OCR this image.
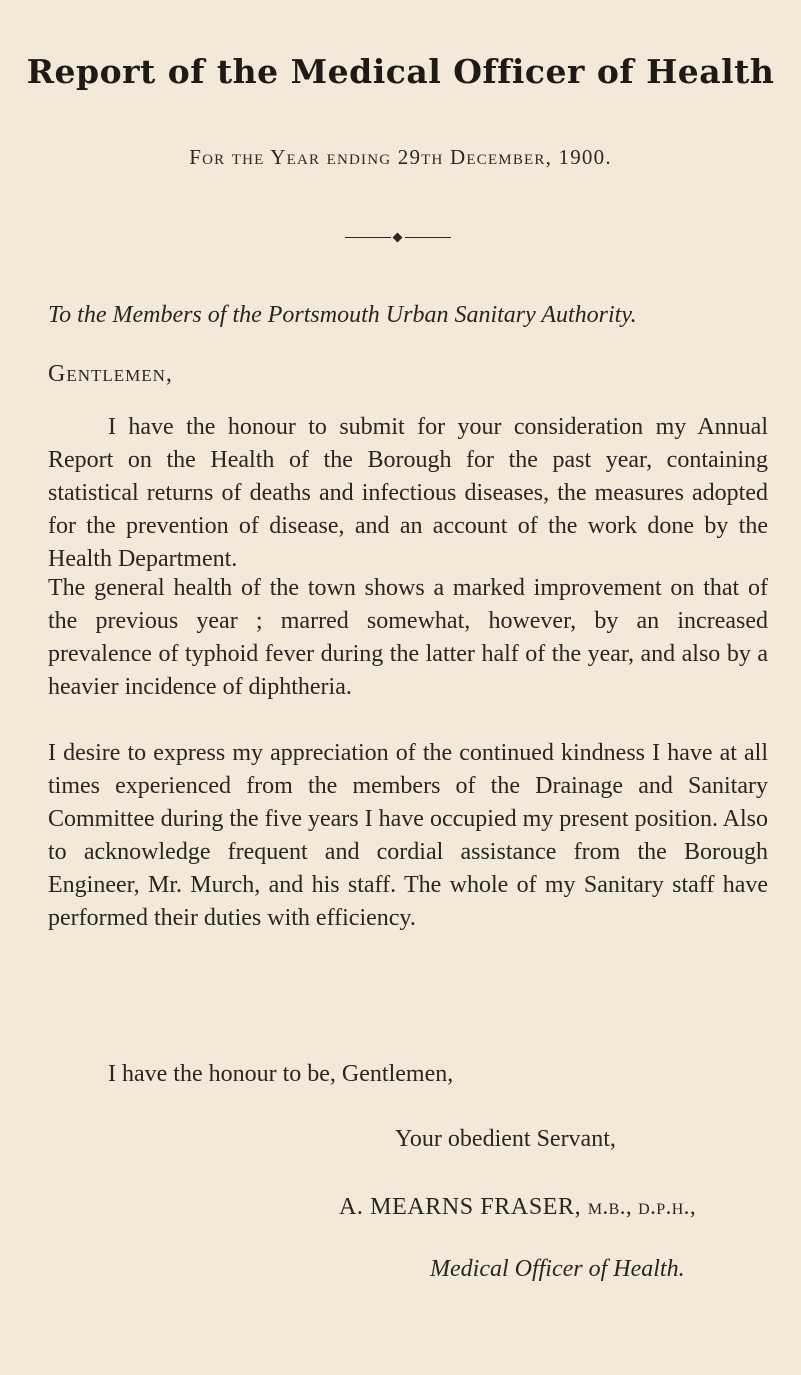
Report of the Medical Officer of Health
For the Year ending 29th December, 1900.
To the Members of the Portsmouth Urban Sanitary Authority.
Gentlemen,

I have the honour to submit for your consideration my Annual Report on the Health of the Borough for the past year, containing statistical returns of deaths and infectious diseases, the measures adopted for the prevention of disease, and an account of the work done by the Health Department.

The general health of the town shows a marked improvement on that of the previous year ; marred somewhat, however, by an increased prevalence of typhoid fever during the latter half of the year, and also by a heavier incidence of diphtheria.

I desire to express my appreciation of the continued kindness I have at all times experienced from the members of the Drainage and Sanitary Committee during the five years I have occupied my present position. Also to acknowledge frequent and cordial assistance from the Borough Engineer, Mr. Murch, and his staff. The whole of my Sanitary staff have performed their duties with efficiency.

I have the honour to be, Gentlemen,
Your obedient Servant,
A. MEARNS FRASER, m.b., d.p.h.,
Medical Officer of Health.
